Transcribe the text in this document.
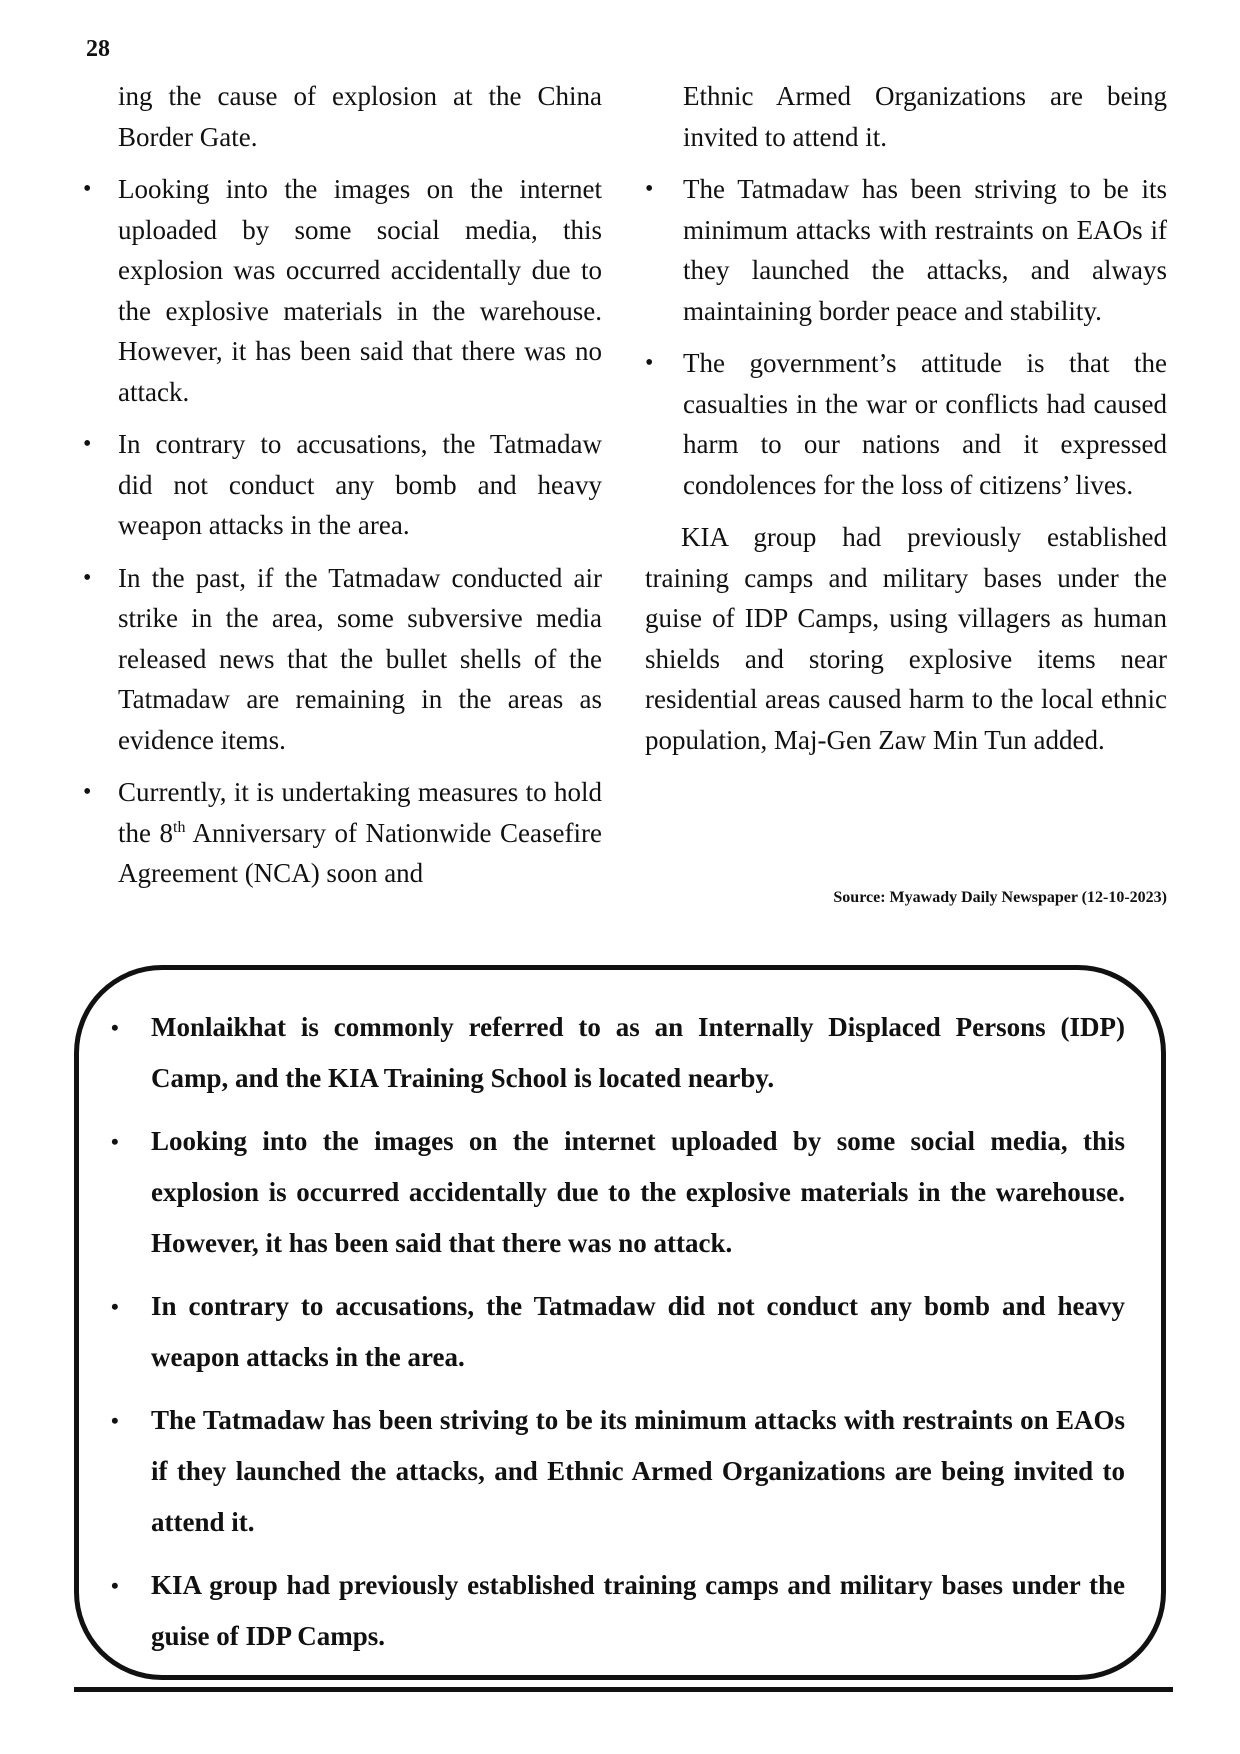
28

ing the cause of explosion at the China Border Gate.

• Looking into the images on the internet uploaded by some social media, this explosion was occurred accidentally due to the explosive materials in the warehouse. However, it has been said that there was no attack.
• In contrary to accusations, the Tatmadaw did not conduct any bomb and heavy weapon attacks in the area.
• In the past, if the Tatmadaw conducted air strike in the area, some subversive media released news that the bullet shells of the Tatmadaw are remaining in the areas as evidence items.
• Currently, it is undertaking measures to hold the 8th Anniversary of Nationwide Ceasefire Agreement (NCA) soon and

Ethnic Armed Organizations are being invited to attend it.

• The Tatmadaw has been striving to be its minimum attacks with restraints on EAOs if they launched the attacks, and always maintaining border peace and stability.
• The government’s attitude is that the casualties in the war or conflicts had caused harm to our nations and it expressed condolences for the loss of citizens’ lives.

KIA group had previously established training camps and military bases under the guise of IDP Camps, using villagers as human shields and storing explosive items near residential areas caused harm to the local ethnic population, Maj-Gen Zaw Min Tun added.

Source: Myawady Daily Newspaper (12-10-2023)
• Monlaikhat is commonly referred to as an Internally Displaced Persons (IDP) Camp, and the KIA Training School is located nearby.
• Looking into the images on the internet uploaded by some social media, this explosion is occurred accidentally due to the explosive materials in the warehouse. However, it has been said that there was no attack.
• In contrary to accusations, the Tatmadaw did not conduct any bomb and heavy weapon attacks in the area.
• The Tatmadaw has been striving to be its minimum attacks with restraints on EAOs if they launched the attacks, and Ethnic Armed Organizations are being invited to attend it.
• KIA group had previously established training camps and military bases under the guise of IDP Camps.
